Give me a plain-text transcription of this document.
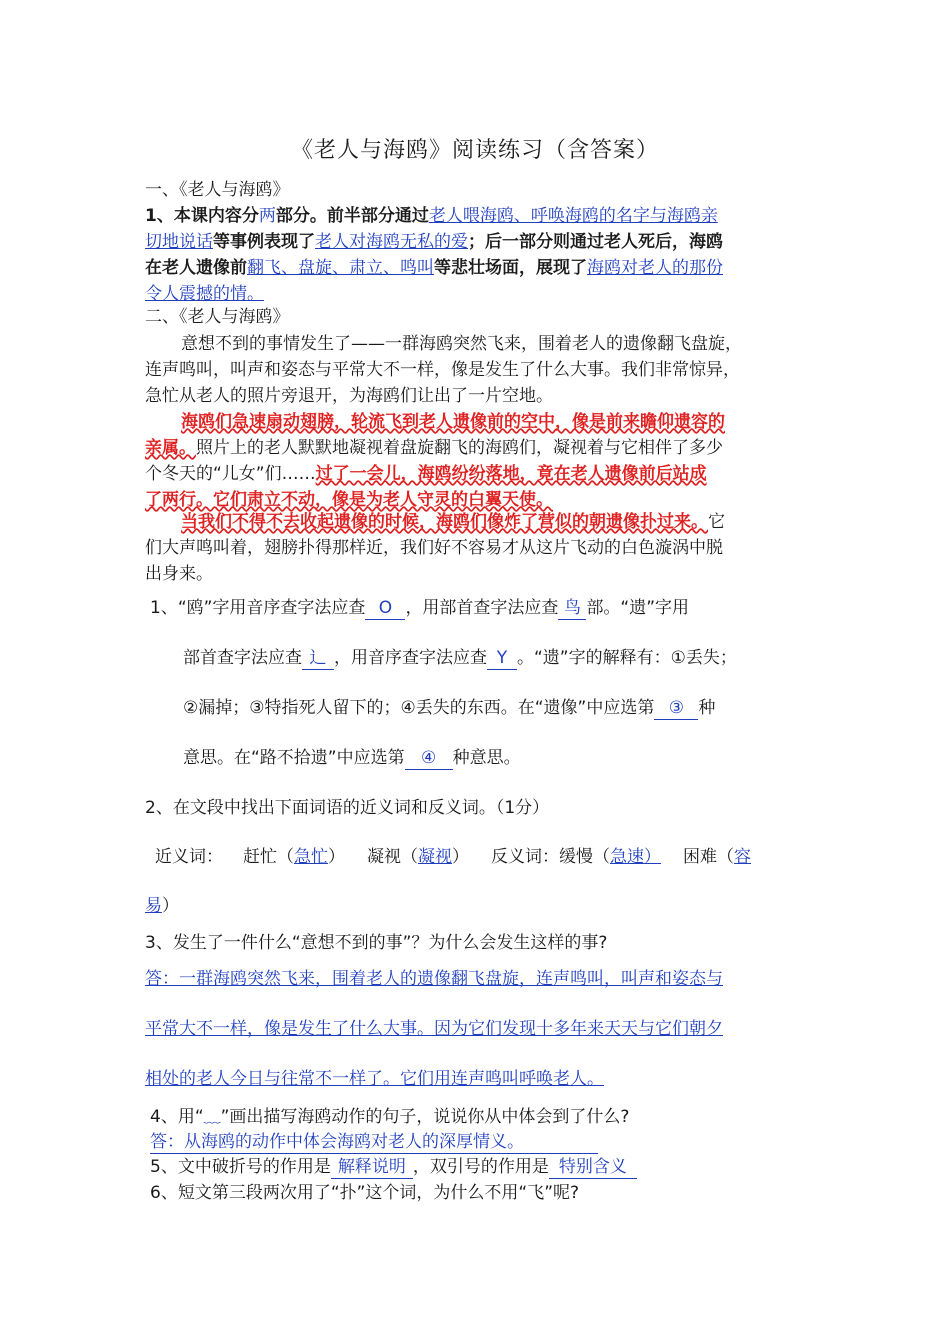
《老人与海鸥》阅读练习（含答案）
一、《老人与海鸥》
1、本课内容分两部分。前半部分通过老人喂海鸥、呼唤海鸥的名字与海鸥亲
切地说话等事例表现了老人对海鸥无私的爱；后一部分则通过老人死后，海鸥
在老人遗像前翻飞、盘旋、肃立、鸣叫等悲壮场面，展现了海鸥对老人的那份
令人震撼的情。
二、《老人与海鸥》
意想不到的事情发生了——一群海鸥突然飞来，围着老人的遗像翻飞盘旋，
连声鸣叫，叫声和姿态与平常大不一样，像是发生了什么大事。我们非常惊异，
急忙从老人的照片旁退开，为海鸥们让出了一片空地。
海鸥们急速扇动翅膀，轮流飞到老人遗像前的空中，像是前来瞻仰遗容的
亲属。照片上的老人默默地凝视着盘旋翻飞的海鸥们，凝视着与它相伴了多少
个冬天的“儿女”们……过了一会儿，海鸥纷纷落地，竟在老人遗像前后站成
了两行。它们肃立不动，像是为老人守灵的白翼天使。
当我们不得不去收起遗像的时候，海鸥们像炸了营似的朝遗像扑过来。它
们大声鸣叫着，翅膀扑得那样近，我们好不容易才从这片飞动的白色漩涡中脱
出身来。
1、“鸥”字用音序查字法应查 O ，用部首查字法应查 鸟 部。“遗”字用
部首查字法应查 辶 ，用音序查字法应查 Y 。“遗”字的解释有：①丢失；
②漏掉；③特指死人留下的；④丢失的东西。在“遗像”中应选第 ③ 种
意思。在“路不拾遗”中应选第 ④ 种意思。
2、在文段中找出下面词语的近义词和反义词。（1分）
近义词： 赶忙（急忙） 凝视（凝视） 反义词：缓慢（急速） 困难（容
易）
3、发生了一件什么“意想不到的事”？为什么会发生这样的事?
答：一群海鸥突然飞来，围着老人的遗像翻飞盘旋，连声鸣叫，叫声和姿态与
平常大不一样，像是发生了什么大事。因为它们发现十多年来天天与它们朝夕
相处的老人今日与往常不一样了。它们用连声鸣叫呼唤老人。
4、用“﹏”画出描写海鸥动作的句子，说说你从中体会到了什么?
答：从海鸥的动作中体会海鸥对老人的深厚情义。
5、文中破折号的作用是 解释说明 ，双引号的作用是 特别含义
6、短文第三段两次用了“扑”这个词，为什么不用“飞”呢?
